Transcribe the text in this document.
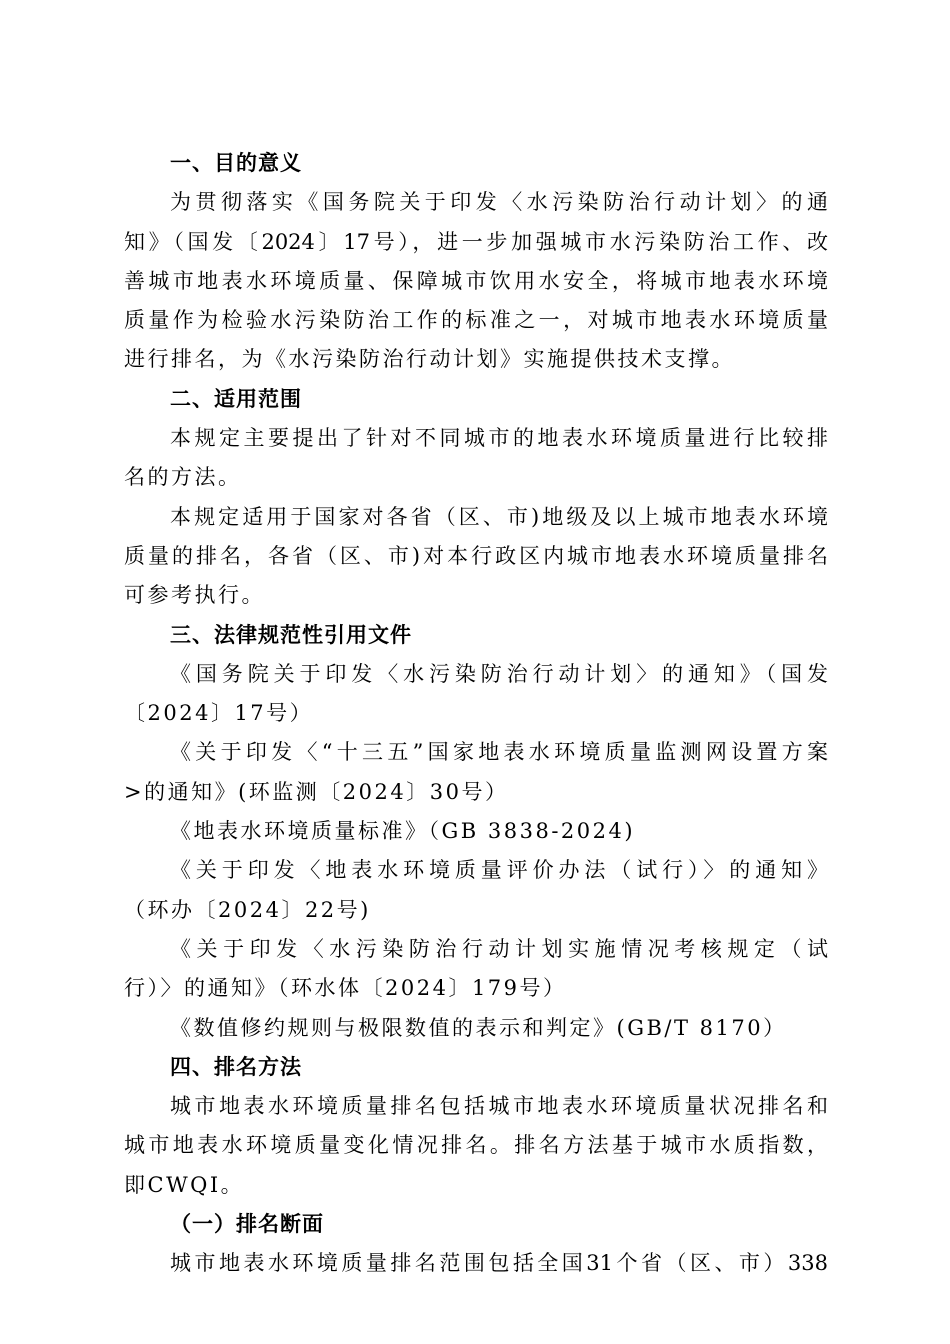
一、目的意义
为贯彻落实《国务院关于印发〈水污染防治行动计划〉的通
知》（国发〔2024〕17号），进一步加强城市水污染防治工作、改
善城市地表水环境质量、保障城市饮用水安全，将城市地表水环境
质量作为检验水污染防治工作的标准之一，对城市地表水环境质量
进行排名，为《水污染防治行动计划》实施提供技术支撑。
二、适用范围
本规定主要提出了针对不同城市的地表水环境质量进行比较排
名的方法。
本规定适用于国家对各省（区、市)地级及以上城市地表水环境
质量的排名，各省（区、市)对本行政区内城市地表水环境质量排名
可参考执行。
三、法律规范性引用文件
《国务院关于印发〈水污染防治行动计划〉的通知》（国发
〔2024〕17号）
《关于印发〈“十三五”国家地表水环境质量监测网设置方案
>的通知》(环监测〔2024〕30号）
《地表水环境质量标准》（GB 3838-2024)
《关于印发〈地表水环境质量评价办法（试行）〉的通知》
（环办〔2024〕22号)
《关于印发〈水污染防治行动计划实施情况考核规定（试
行）〉的通知》（环水体〔2024〕179号）
《数值修约规则与极限数值的表示和判定》(GB/T 8170）
四、排名方法
城市地表水环境质量排名包括城市地表水环境质量状况排名和
城市地表水环境质量变化情况排名。排名方法基于城市水质指数，
即CWQI。
（一）排名断面
城市地表水环境质量排名范围包括全国31个省（区、市）338
